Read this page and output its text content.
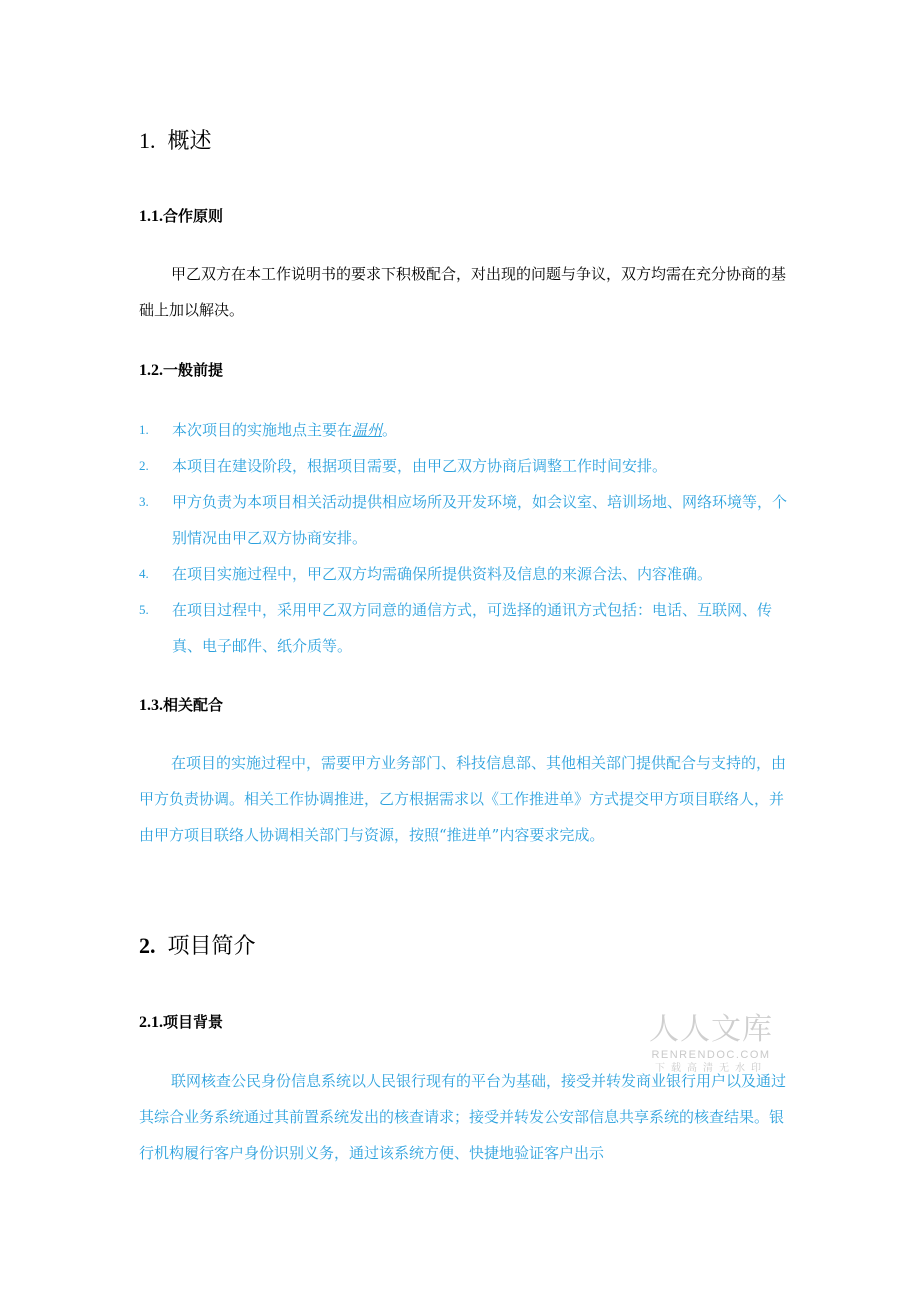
1. 概述
1.1.合作原则

甲乙双方在本工作说明书的要求下积极配合，对出现的问题与争议，双方均需在充分协商的基础上加以解决。

1.2.一般前提
1. 本次项目的实施地点主要在温州。
2. 本项目在建设阶段，根据项目需要，由甲乙双方协商后调整工作时间安排。
3. 甲方负责为本项目相关活动提供相应场所及开发环境，如会议室、培训场地、网络环境等，个别情况由甲乙双方协商安排。
4. 在项目实施过程中，甲乙双方均需确保所提供资料及信息的来源合法、内容准确。
5. 在项目过程中，采用甲乙双方同意的通信方式，可选择的通讯方式包括：电话、互联网、传真、电子邮件、纸介质等。
1.3.相关配合

在项目的实施过程中，需要甲方业务部门、科技信息部、其他相关部门提供配合与支持的，由甲方负责协调。相关工作协调推进，乙方根据需求以《工作推进单》方式提交甲方项目联络人，并由甲方项目联络人协调相关部门与资源，按照“推进单”内容要求完成。

2. 项目简介
2.1.项目背景

联网核查公民身份信息系统以人民银行现有的平台为基础，接受并转发商业银行用户以及通过其综合业务系统通过其前置系统发出的核查请求；接受并转发公安部信息共享系统的核查结果。银行机构履行客户身份识别义务，通过该系统方便、快捷地验证客户出示

人人文库
RENRENDOC.COM
下载高清无水印
